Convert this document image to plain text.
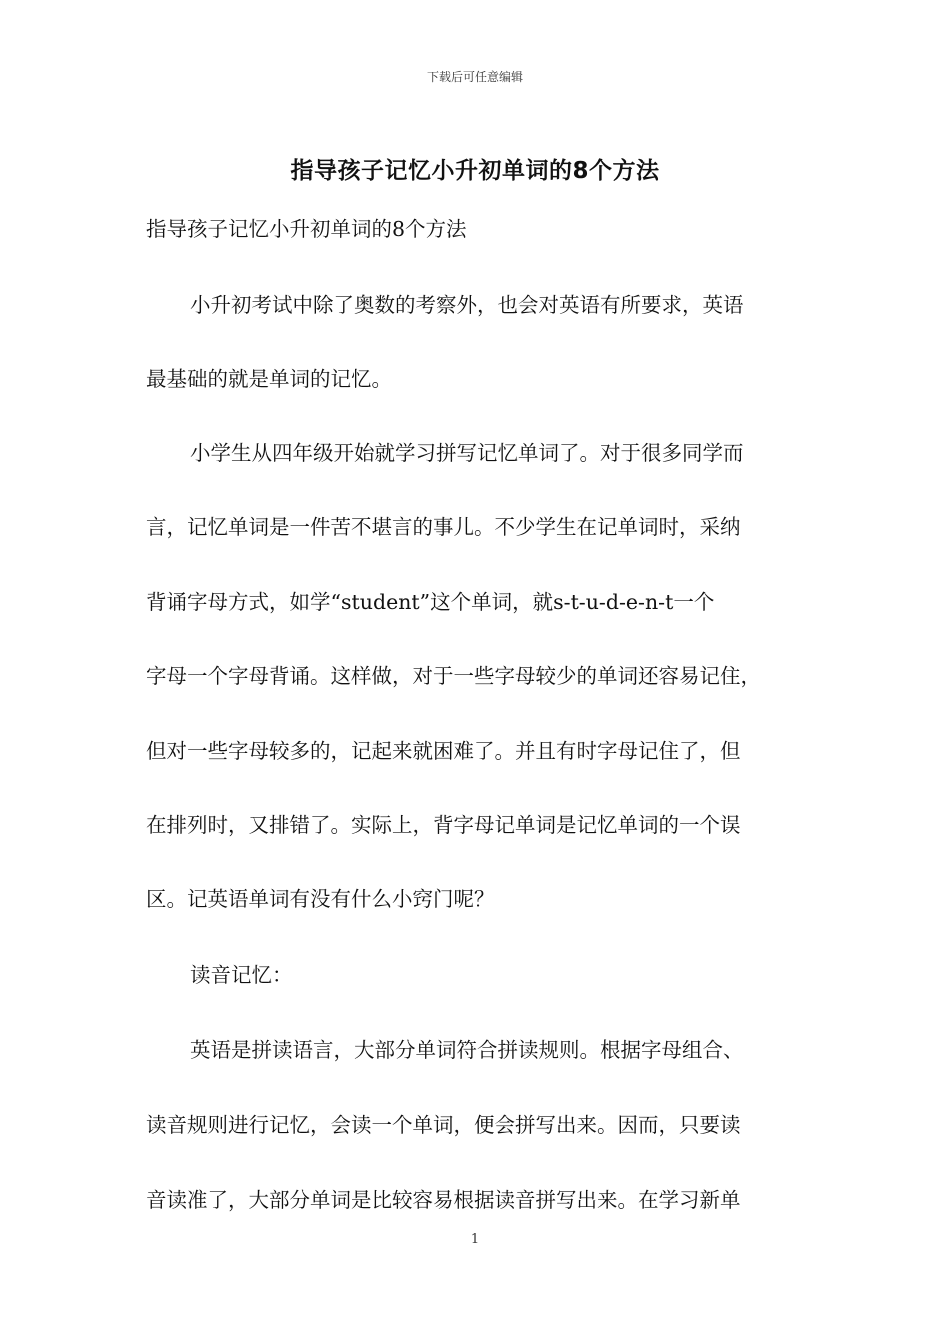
下载后可任意编辑
指导孩子记忆小升初单词的8个方法
指导孩子记忆小升初单词的8个方法
小升初考试中除了奥数的考察外，也会对英语有所要求，英语
最基础的就是单词的记忆。
小学生从四年级开始就学习拼写记忆单词了。对于很多同学而
言，记忆单词是一件苦不堪言的事儿。不少学生在记单词时，采纳
背诵字母方式，如学“student”这个单词，就s-t-u-d-e-n-t一个
字母一个字母背诵。这样做，对于一些字母较少的单词还容易记住，
但对一些字母较多的，记起来就困难了。并且有时字母记住了，但
在排列时，又排错了。实际上，背字母记单词是记忆单词的一个误
区。记英语单词有没有什么小窍门呢？
读音记忆：
英语是拼读语言，大部分单词符合拼读规则。根据字母组合、
读音规则进行记忆，会读一个单词，便会拼写出来。因而，只要读
音读准了，大部分单词是比较容易根据读音拼写出来。在学习新单
1
